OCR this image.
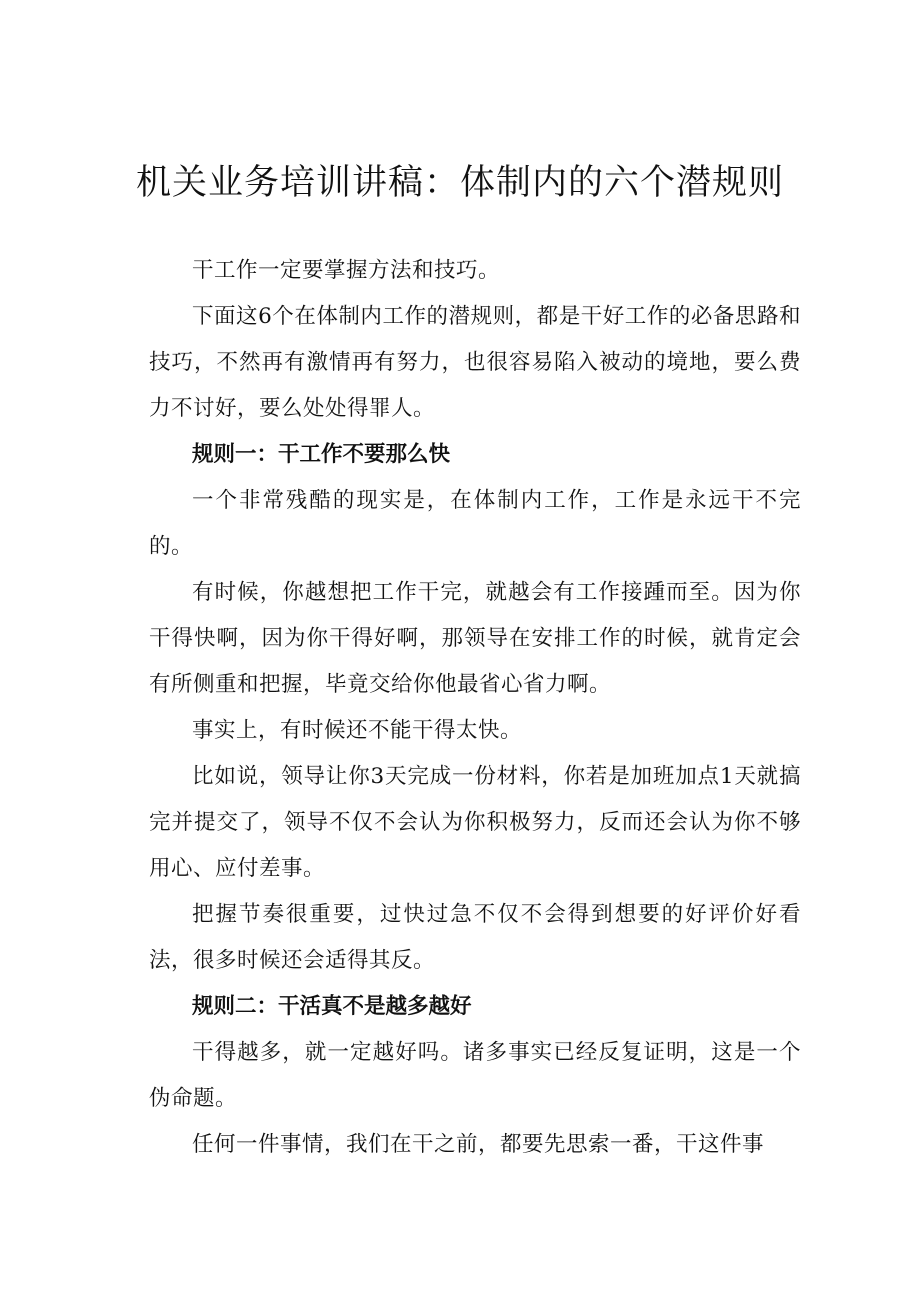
机关业务培训讲稿：体制内的六个潜规则

干工作一定要掌握方法和技巧。

下面这6个在体制内工作的潜规则，都是干好工作的必备思路和技巧，不然再有激情再有努力，也很容易陷入被动的境地，要么费力不讨好，要么处处得罪人。

规则一：干工作不要那么快

一个非常残酷的现实是，在体制内工作，工作是永远干不完的。

有时候，你越想把工作干完，就越会有工作接踵而至。因为你干得快啊，因为你干得好啊，那领导在安排工作的时候，就肯定会有所侧重和把握，毕竟交给你他最省心省力啊。

事实上，有时候还不能干得太快。

比如说，领导让你3天完成一份材料，你若是加班加点1天就搞完并提交了，领导不仅不会认为你积极努力，反而还会认为你不够用心、应付差事。

把握节奏很重要，过快过急不仅不会得到想要的好评价好看法，很多时候还会适得其反。

规则二：干活真不是越多越好

干得越多，就一定越好吗。诸多事实已经反复证明，这是一个伪命题。

任何一件事情，我们在干之前，都要先思索一番，干这件事
